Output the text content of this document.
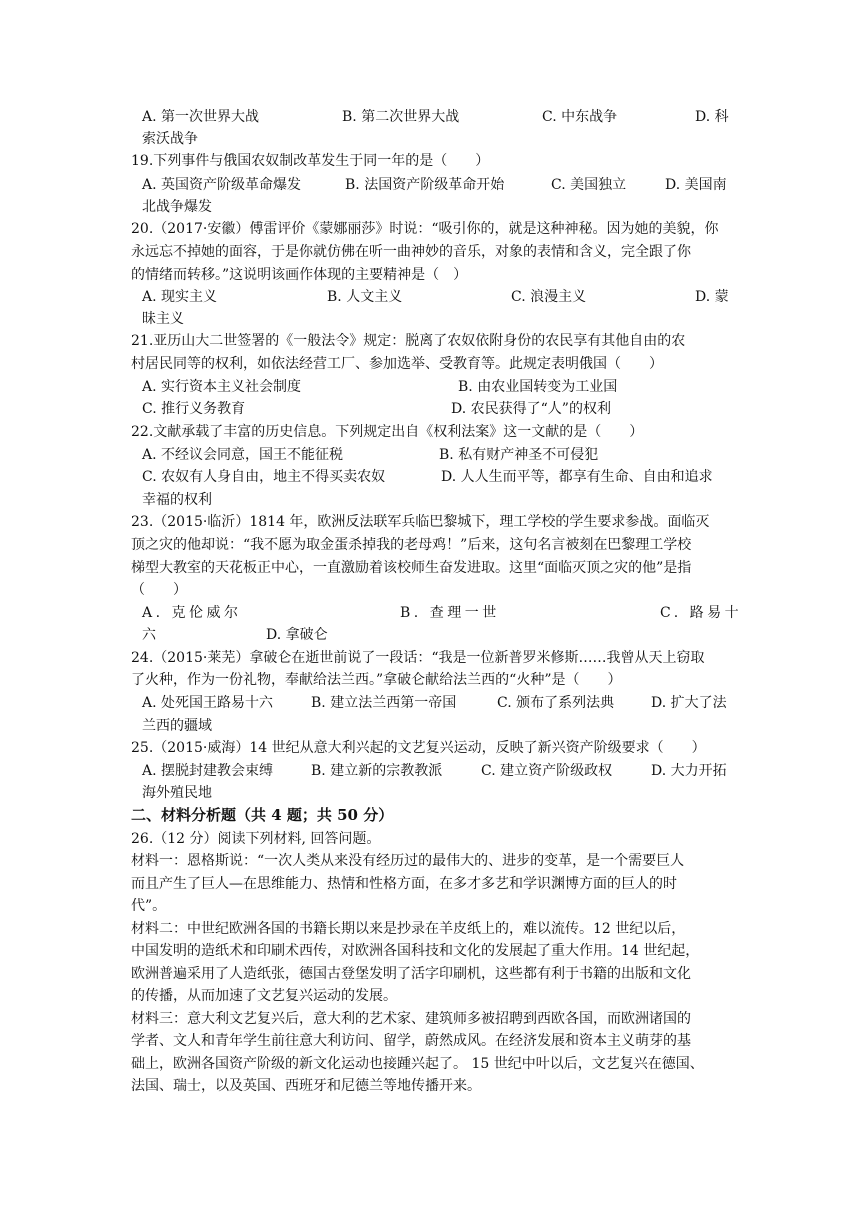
A. 第一次世界大战	B. 第二次世界大战	C. 中东战争	D. 科
索沃战争
19.下列事件与俄国农奴制改革发生于同一年的是（　　）
A. 英国资产阶级革命爆发	B. 法国资产阶级革命开始	C. 美国独立	D. 美国南
北战争爆发
20.（2017·安徽）傅雷评价《蒙娜丽莎》时说：“吸引你的，就是这种神秘。因为她的美貌，你
永远忘不掉她的面容，于是你就仿佛在听一曲神妙的音乐，对象的表情和含义，完全跟了你
的情绪而转移。”这说明该画作体现的主要精神是（　）
A. 现实主义	B. 人文主义	C. 浪漫主义	D. 蒙
昧主义
21.亚历山大二世签署的《一般法令》规定：脱离了农奴依附身份的农民享有其他自由的农
村居民同等的权利，如依法经营工厂、参加选举、受教育等。此规定表明俄国（　　）
A. 实行资本主义社会制度	B. 由农业国转变为工业国
C. 推行义务教育	D. 农民获得了“人”的权利
22.文献承载了丰富的历史信息。下列规定出自《权利法案》这一文献的是（　　）
A. 不经议会同意，国王不能征税	B. 私有财产神圣不可侵犯
C. 农奴有人身自由，地主不得买卖农奴	D. 人人生而平等，都享有生命、自由和追求
幸福的权利
23.（2015·临沂）1814 年，欧洲反法联军兵临巴黎城下，理工学校的学生要求参战。面临灭
顶之灾的他却说：“我不愿为取金蛋杀掉我的老母鸡！”后来，这句名言被刻在巴黎理工学校
梯型大教室的天花板正中心，一直激励着该校师生奋发进取。这里“面临灭顶之灾的他”是指
（　　）
A. 克伦威尔	B. 查理一世	C. 路易十
六	D. 拿破仑
24.（2015·莱芜）拿破仑在逝世前说了一段话：“我是一位新普罗米修斯……我曾从天上窃取
了火种，作为一份礼物，奉献给法兰西。”拿破仑献给法兰西的“火种”是（　　）
A. 处死国王路易十六	B. 建立法兰西第一帝国	C. 颁布了系列法典	D. 扩大了法
兰西的疆域
25.（2015·威海）14 世纪从意大利兴起的文艺复兴运动，反映了新兴资产阶级要求（　　）
A. 摆脱封建教会束缚	B. 建立新的宗教教派	C. 建立资产阶级政权	D. 大力开拓
海外殖民地
二、材料分析题（共 4 题；共 50 分）
26.（12 分）阅读下列材料, 回答问题。
材料一：恩格斯说：“一次人类从来没有经历过的最伟大的、进步的变革，是一个需要巨人
而且产生了巨人—在思维能力、热情和性格方面，在多才多艺和学识渊博方面的巨人的时
代”。
材料二：中世纪欧洲各国的书籍长期以来是抄录在羊皮纸上的，难以流传。12 世纪以后，
中国发明的造纸术和印刷术西传，对欧洲各国科技和文化的发展起了重大作用。14 世纪起，
欧洲普遍采用了人造纸张，德国古登堡发明了活字印刷机，这些都有利于书籍的出版和文化
的传播，从而加速了文艺复兴运动的发展。
材料三：意大利文艺复兴后，意大利的艺术家、建筑师多被招聘到西欧各国，而欧洲诸国的
学者、文人和青年学生前往意大利访问、留学，蔚然成风。在经济发展和资本主义萌芽的基
础上，欧洲各国资产阶级的新文化运动也接踵兴起了。 15 世纪中叶以后，文艺复兴在德国、
法国、瑞士，以及英国、西班牙和尼德兰等地传播开来。
